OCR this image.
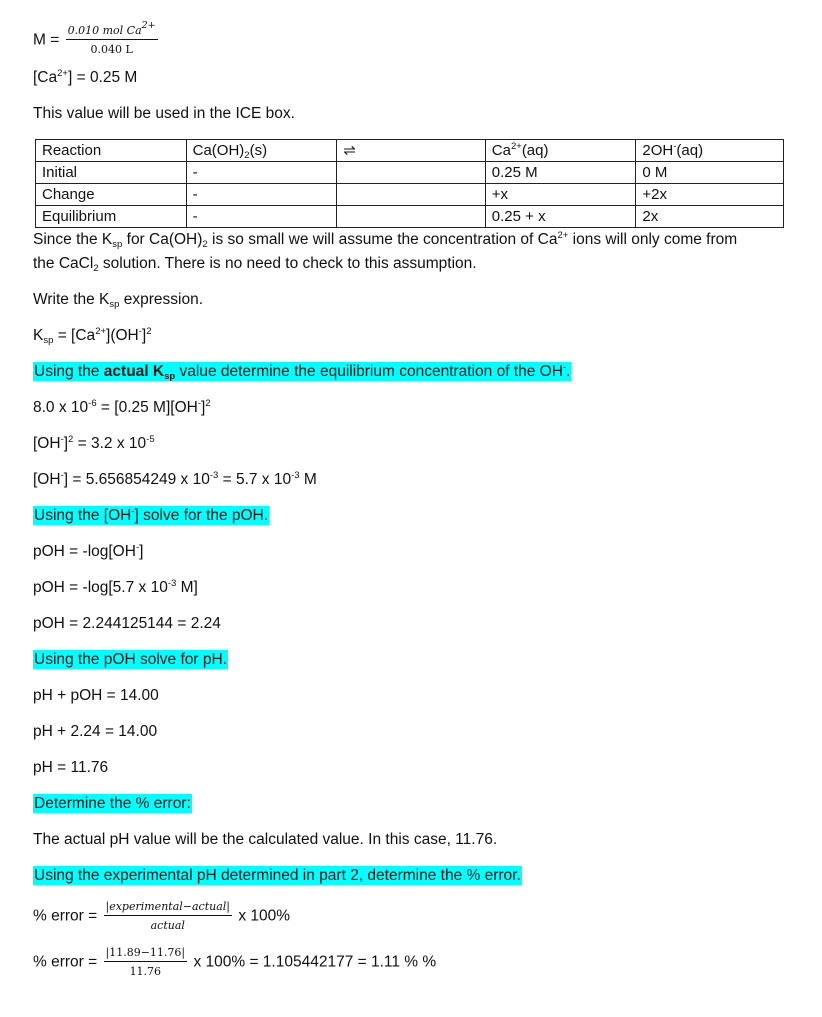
$M = \frac{0.010 mol Ca^{2+}}{0.040 L}$
$[Ca^{2+}] = 0.25$ M
This value will be used in the ICE box.
Reaction	$Ca(OH)_2(s)$	⇌	$Ca^{2+}(aq)$	2OH-(aq)
Initial	-		0.25 M	0 M
Change	-		+x	+2x
Equilibrium	-		0.25 + x	2x
Since the $K_{sp}$ for $Ca(OH)_2$ is so small we will assume the concentration of $Ca^{2+}$ ions will only come from
the CaCl$_2$ solution. There is no need to check to this assumption.
Write the $K_{sp}$ expression.
$K_{sp} = [Ca^{2+}](OH^-]^2$
Using the actual $K_{sp}$ value determine the equilibrium concentration of the OH-.
8.0 x $10^{-6} = [0.25$ $M][OH^-]^2$
$[OH^-]^2 = 3.2$ x $10^{-5}$
[OH-] = 5.656854249 x $10^{-3} = 5.7$ x $10^{-3}$ M
Using the [OH-] solve for the pOH.
pOH = -log[OH-]
pOH = -log[5.7 x $10^{-3}$ M]
pOH = 2.244125144 = 2.24
Using the pOH solve for pH.
pH + pOH = 14.00
pH + 2.24 = 14.00
pH = 11.76
Determine the % error:
The actual pH value will be the calculated value. In this case, 11.76.
Using the experimental pH determined in part 2, determine the % error.
% error = $\frac{\text{|experimental−actual|}}{\text{actual}}$ x 100%
% error = $\frac{|11.89-11.76|}{11.76}$ x 100% = 1.105442177 = 1.11 % %
